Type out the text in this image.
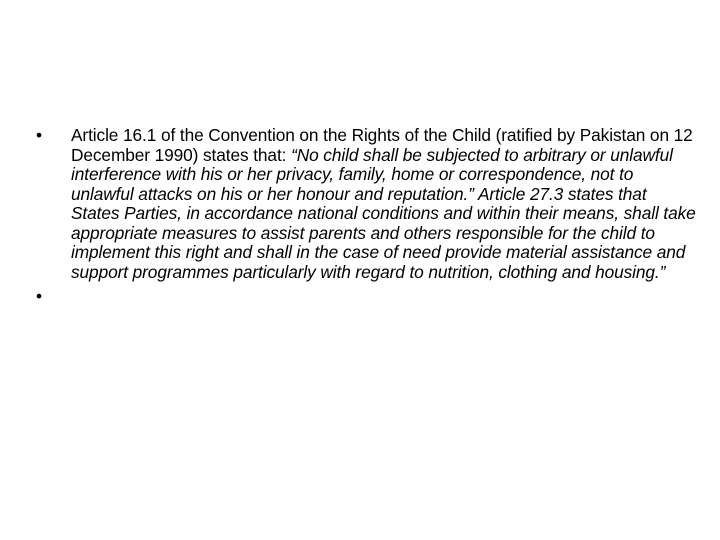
•	Article 16.1 of the Convention on the Rights of the Child (ratified by Pakistan on 12 December 1990) states that: “No child shall be subjected to arbitrary or unlawful interference with his or her privacy, family, home or correspondence, not to unlawful attacks on his or her honour and reputation.” Article 27.3 states that States Parties, in accordance national conditions and within their means, shall take appropriate measures to assist parents and others responsible for the child to implement this right and shall in the case of need provide material assistance and support programmes particularly with regard to nutrition, clothing and housing.”
•
